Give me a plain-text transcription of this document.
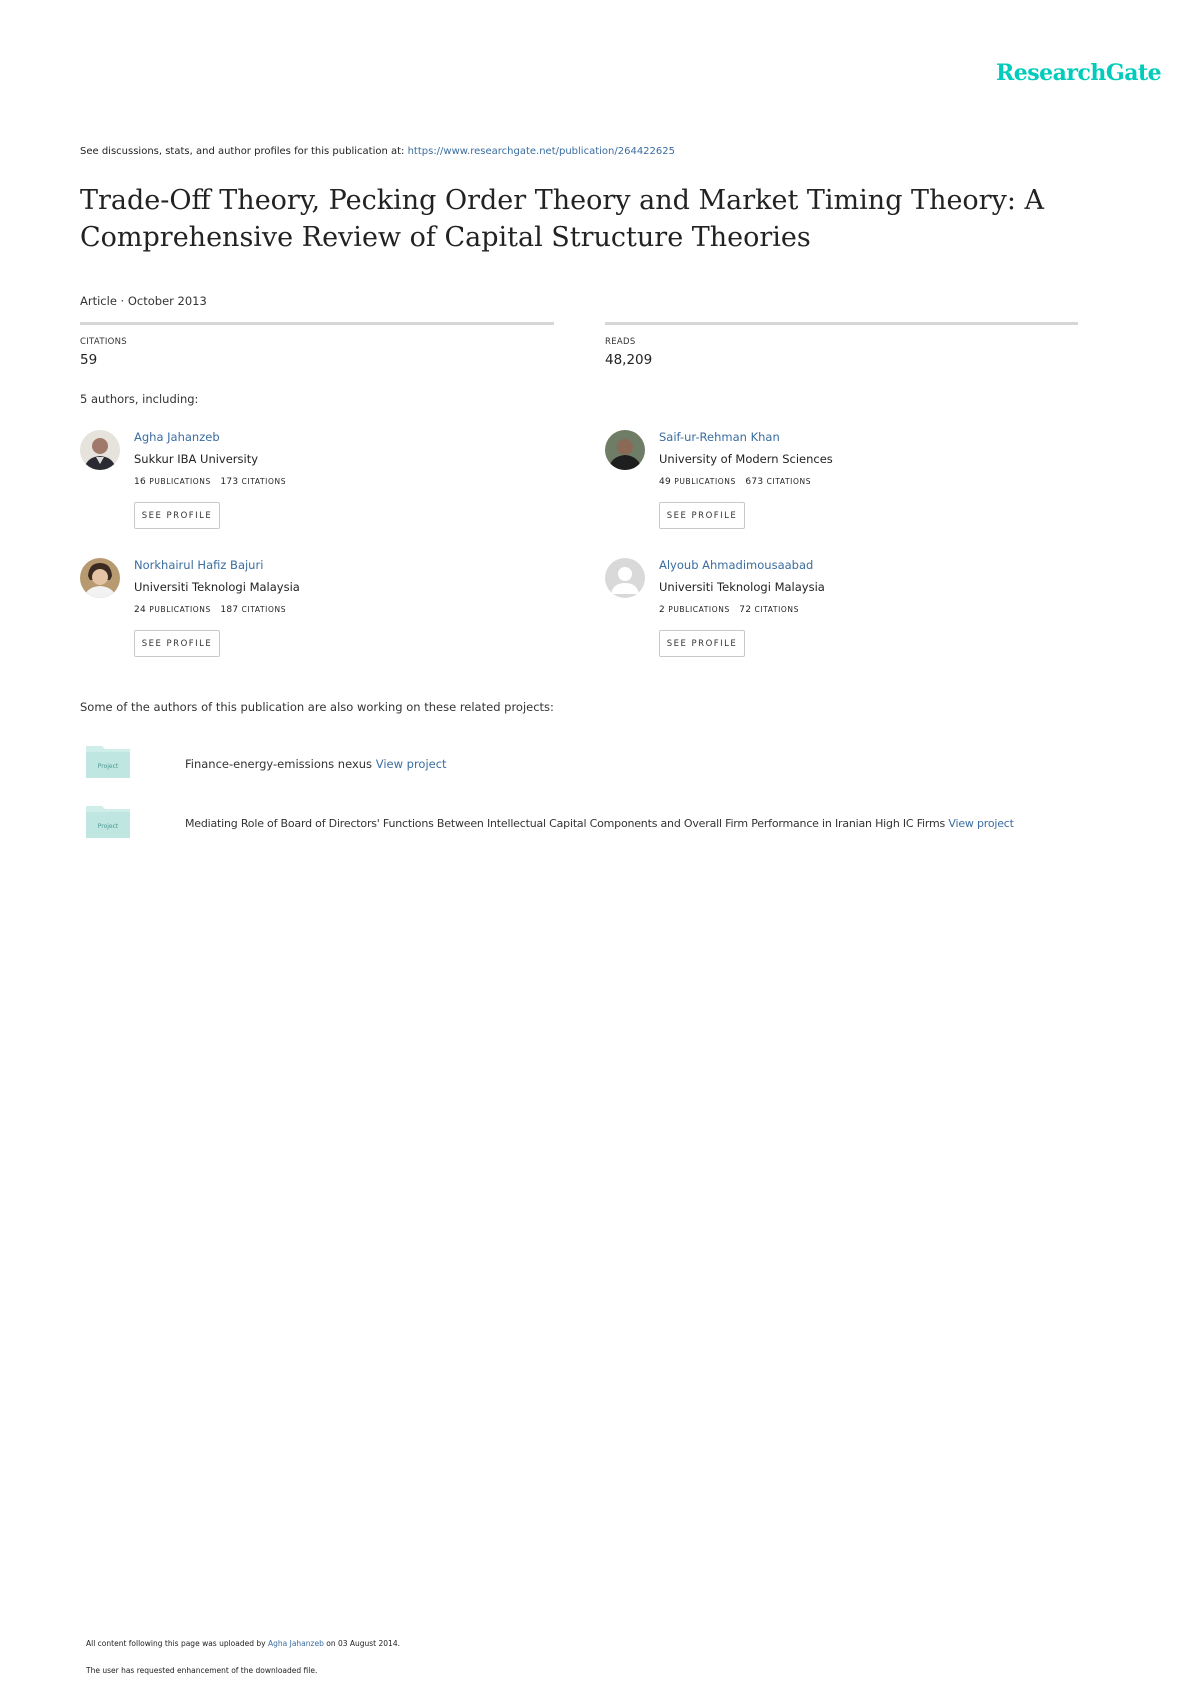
ResearchGate
See discussions, stats, and author profiles for this publication at: https://www.researchgate.net/publication/264422625
Trade-Off Theory, Pecking Order Theory and Market Timing Theory: A
Comprehensive Review of Capital Structure Theories
Article · October 2013
CITATIONS
59
READS
48,209
5 authors, including:
Agha Jahanzeb
Sukkur IBA University
16 PUBLICATIONS 173 CITATIONS
SEE PROFILE
Saif-ur-Rehman Khan
University of Modern Sciences
49 PUBLICATIONS 673 CITATIONS
SEE PROFILE
Norkhairul Hafiz Bajuri
Universiti Teknologi Malaysia
24 PUBLICATIONS 187 CITATIONS
SEE PROFILE
Alyoub Ahmadimousaabad
Universiti Teknologi Malaysia
2 PUBLICATIONS 72 CITATIONS
SEE PROFILE
Some of the authors of this publication are also working on these related projects:
Project	Finance-energy-emissions nexus View project
Project	Mediating Role of Board of Directors' Functions Between Intellectual Capital Components and Overall Firm Performance in Iranian High IC Firms View project
All content following this page was uploaded by Agha Jahanzeb on 03 August 2014.
The user has requested enhancement of the downloaded file.
